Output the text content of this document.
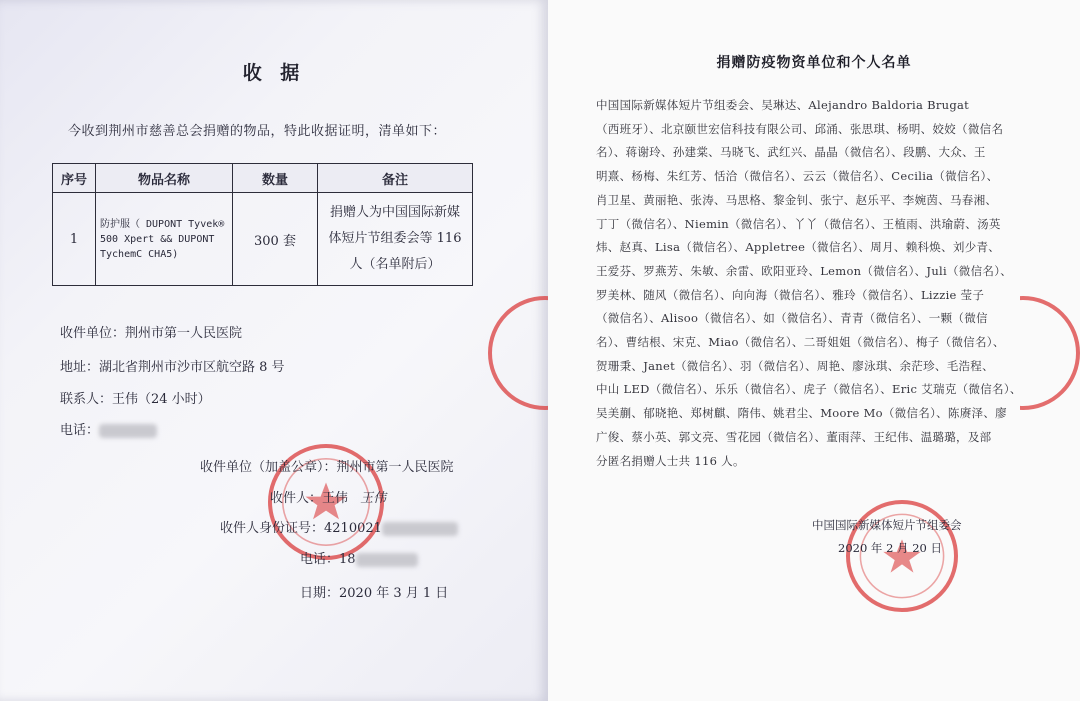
收 据
今收到荆州市慈善总会捐赠的物品，特此收据证明，清单如下：
序号	物品名称	数量	备注
1	防护服（ DUPONT Tyvek®
500 Xpert && DUPONT
TychemC CHA5)	300 套	捐赠人为中国国际新媒
体短片节组委会等 116
人（名单附后）
收件单位：荆州市第一人民医院
地址：湖北省荆州市沙市区航空路 8 号
联系人：王伟（24 小时）
电话：
收件单位（加盖公章）：荆州市第一人民医院
收件人：王伟 王伟
收件人身份证号：4210021
电话：18
日期：2020 年 3 月 1 日
捐赠防疫物资单位和个人名单
中国国际新媒体短片节组委会、吴琳达、Alejandro Baldoria Brugat
（西班牙）、北京颐世宏信科技有限公司、邱涌、张思琪、杨明、姣姣（微信名
名）、蒋谢玲、孙建棠、马晓飞、武红兴、晶晶（微信名）、段鹏、大众、王
明熹、杨梅、朱红芳、恬洽（微信名）、云云（微信名）、Cecilia（微信名）、
肖卫星、黄丽艳、张涛、马思格、黎金钊、张宁、赵乐平、李婉茵、马春湘、
丁丁（微信名）、Niemin（微信名）、丫丫（微信名）、王植雨、洪瑜蔚、汤英
炜、赵真、Lisa（微信名）、Appletree（微信名）、周月、赖科焕、刘少青、
王爱芬、罗燕芳、朱敏、余雷、欧阳亚玲、Lemon（微信名）、Juli（微信名）、
罗美林、随风（微信名）、向向海（微信名）、雅玲（微信名）、Lizzie 莹子
（微信名）、Alisoo（微信名）、如（微信名）、青青（微信名）、一颗（微信
名）、曹结根、宋克、Miao（微信名）、二哥姐姐（微信名）、梅子（微信名）、
贺珊秉、Janet（微信名）、羽（微信名）、周艳、廖泳琪、余茫珍、毛浩程、
中山 LED（微信名）、乐乐（微信名）、虎子（微信名）、Eric 艾瑞克（微信名）、
吴美蒯、郁晓艳、郑树麒、隋伟、姚君尘、Moore Mo（微信名）、陈赓泽、廖
广俊、蔡小英、郭文亮、雪花园（微信名）、董雨萍、王纪伟、温璐璐，及部
分匿名捐赠人士共 116 人。
中国国际新媒体短片节组委会
2020 年 2 月 20 日
